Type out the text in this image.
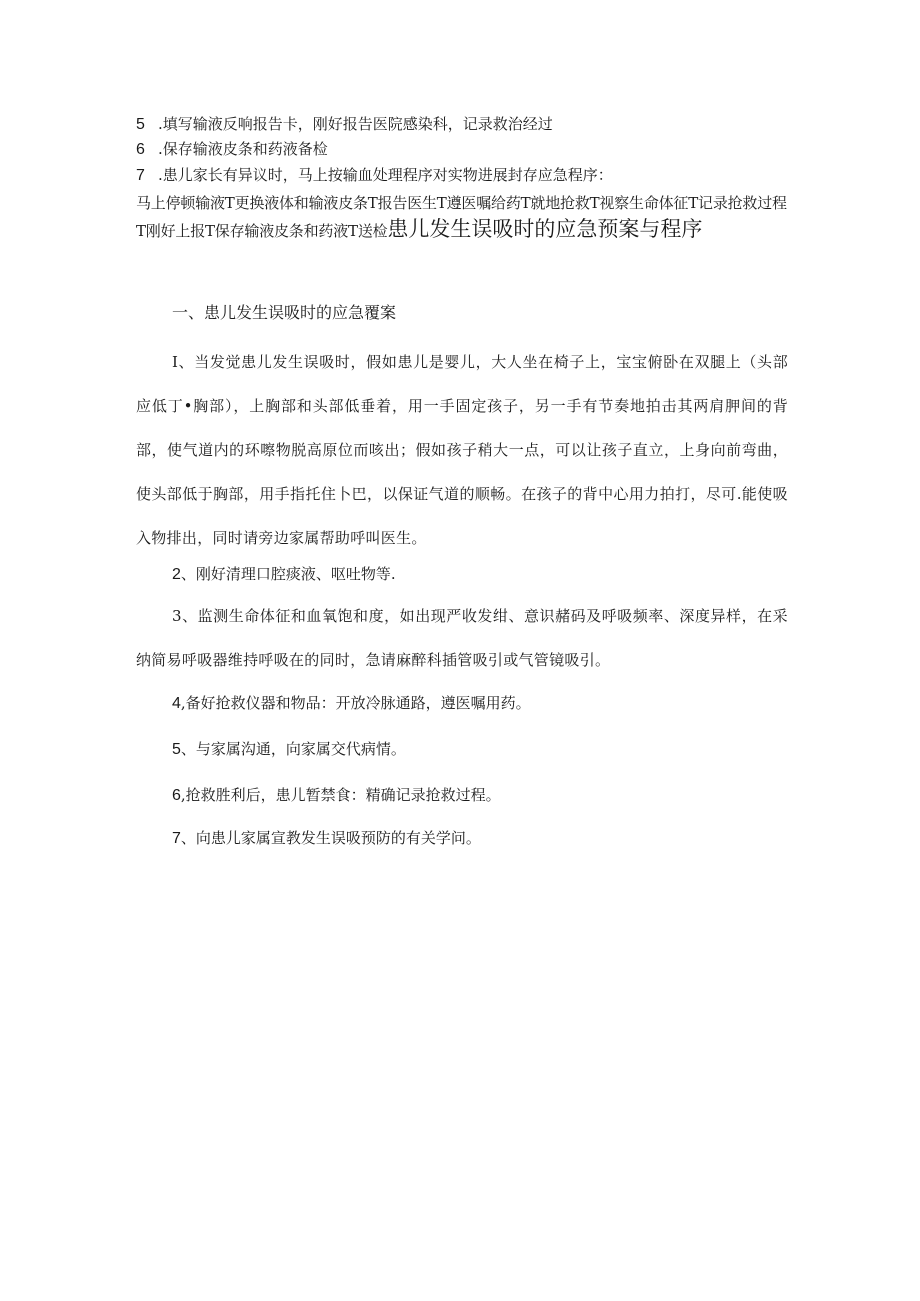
5 .填写输液反响报告卡，刚好报告医院感染科，记录救治经过
6 .保存输液皮条和药液备检
7 .患儿家长有异议时，马上按输血处理程序对实物进展封存应急程序：
马上停顿输液T更换液体和输液皮条T报告医生T遵医嘱给药T就地抢救T视察生命体征T记录抢救过程T刚好上报T保存输液皮条和药液T送检患儿发生误吸时的应急预案与程序
一、患儿发生误吸时的应急覆案
I、当发觉患儿发生误吸时，假如患儿是婴儿，大人坐在椅子上，宝宝俯卧在双腿上（头部应低丁•胸部），上胸部和头部低垂着，用一手固定孩子，另一手有节奏地拍击其两肩胛间的背部，使气道内的环嚓物脱高原位而咳出；假如孩子稍大一点，可以让孩子直立，上身向前弯曲，使头部低于胸部，用手指托住卜巴，以保证气道的顺畅。在孩子的背中心用力拍打，尽可.能使吸入物排出，同时请旁边家属帮助呼叫医生。
2、刚好清理口腔痰液、呕吐物等.
3、监测生命体征和血氧饱和度，如出现严收发绀、意识赭码及呼吸频率、深度异样，在采纳简易呼吸器维持呼吸在的同时，急请麻醉科插管吸引或气管镜吸引。
4,备好抢救仪器和物品：开放冷脉通路，遵医嘱用药。
5、与家属沟通，向家属交代病情。
6,抢救胜利后，患儿暂禁食：精确记录抢救过程。
7、向患儿家属宣教发生误吸预防的有关学问。
